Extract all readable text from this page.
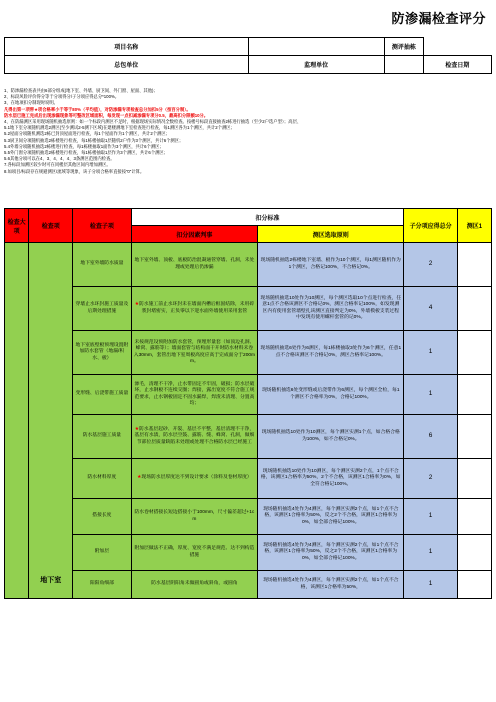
防渗漏检查评分
项目名称		测评抽栋	
总包单位	监理单位		检查日期
1、防渗漏检查表共由6部分组成(地下室、外墙、厨卫间、外门窗、屋面、其他)；
2、标段风险评价得分等于分项得分/子分项应得总分*100%。
3、在地项扣分制现时说明。
凡得出第一项带★项合格率小于等于80%（平均值），对防渗漏专项检查总分加扣5分（按百分制）。
防水层已施工完成后出现渗漏现象等可整改区域面积，每发现一点扣减渗漏专项分0.5，最高扣分限额10分。
4、在防漏测区采用现场随机抽选原则：如一个标段内测区不足时，根据现场实际情况全数检查。按楼号标段直接抽查2栋进行抽选（至少2户选户型）；高层、
5.1地下室分项随机测选2测区(至少测试2-5测下区域)在建楼测地下室检查进行检查，每1测区各为1个测区，共计2个测区；
5.2屋面分项随机测选2栋已封顶屋面进行检查，每1个屋面作为1个测区，共计2个测区；
5.3厨卫间分项随机抽选2栋楼进行检查，每1栋楼抽取1层随机2户作为3个测区，共计6个测区；
5.4外墙分项随机抽选2栋楼进行检查，每1栋楼抽取1面作为3个测区，共计6个测区；
5.5外门窗分项随机抽选2栋楼进行检查，每1栋楼抽取1层作为3个测区，共计6个测区；
5.6其他分项可以在4、3、4、4、4、3条测区范围内检查。
7.各标段加测区较少时可在同楼层其他区间内增加测区。
8.如项目/标段存在规避测区/流域等现象，该子分项合格率直接按“0”计算。
检查大项	检查项	检查子项	扣分标准		子分项应得总分	测区1
			扣分因素判事	测区选取原则		
	地下室	地下室外墙防水质量	地下室外墙、顶板、底板防治混凝通管穿墙、孔洞，未处理或处理后仍渗漏	现场随机抽选2栋楼地下室墙、板作为10个测区，每1测区随机作为1个测区，合格记100%，不合格记0%。	2	
		穿墙止水环封施工质量及后期处理措施	★防水施工前止水环封未在墙面内槽后框固结除，未用碎浆封堵密实，正负零以下迎水面外墙使用采用套管	现场随机抽选10处作为10测区，每个测区选取10个点进行检查，任意1点不合格该测区不合格记0%，测区合格率记100%，如发现测区内有使用套管墙壁扎该测区直接判定为0%，外墙模板支装过程中发现有使用螺杆套管的记0%。	4	
		地下室底壁板预埋设置附加防水套管（地漏/积水、板）	未按规范设预附加防水套管，预埋形量套（如顶边孔洞、蜂窝、露筋等）；墙面套管与结构面干开时防水材料未卷入30mm，套管出地下室周板高度应高于完成面分于200mm。	现场随机抽选6处作为6测区，每1栋楼抽取3处作为6个测区，任意1点不合格该测区不合格记0%，测区合格率记100%。	1	
		变形缝、后浇带施工质量	渗毛，清理不干净，止水带固定不牢固，破损；防水层破坏，止水钢板不连续交圈；焊接，露出宽度不符合施工规范要求，止水钢板固定不固水漏焊，焊渣未清理、分置高均；	现场随机抽选6处变形缝或后浇带作为6测区，每个测区全检，每1个测区不合格率为0%，合格记100%。	1	
		防水基层施工质量	★防水基层起砂、开裂、基层不平整，基层清理不干净，基层有水渍，防水层空鼓、露筋、缝、蜂窝、孔洞，做细节部位层质量缺陷未处理或处理不合格防水层已经施工	现场随机抽选10处作为10测区，每个测区实测1个点，如合格合格为100%，如不合格记0%。	6	
		防水材料厚度	★现场防水层厚度达不到设计要求（涂料及卷材厚度）	现场随机抽选10处作为10测区，每个测区实测2个点，1个点不合格，该测区1合格率为50%，2个不合格，该测区1合格率为0%，如全符合格记100%。	2	
		搭接长度	防水卷材搭接长短边搭接小于100mm，尺寸偏差超过+1cm	现场随机抽选4处作为4测区，每个测区实测2个点，如1个点不合格，该测区1合格率为50%，反之2个不合格，该测区1合格率为0%，如全部合格记100%。	1	
		附加层	附加层做法不正确，厚度、宽度不满足规范、达不到构造措施	现场随机抽选4处作为4测区，每个测区实测2个点，如1个点不合格，该测区1合格率为50%，反之2个不合格，该测区1合格率为0%，如全部合格记100%。	1	
		阳阳角细部	防水基层阴阳角未做圆角或斜角，或圆角	现场随机抽选4处作为4测区，每个测区实测2个点，如1个点不合格，该测区1合格率为50%，	1	
